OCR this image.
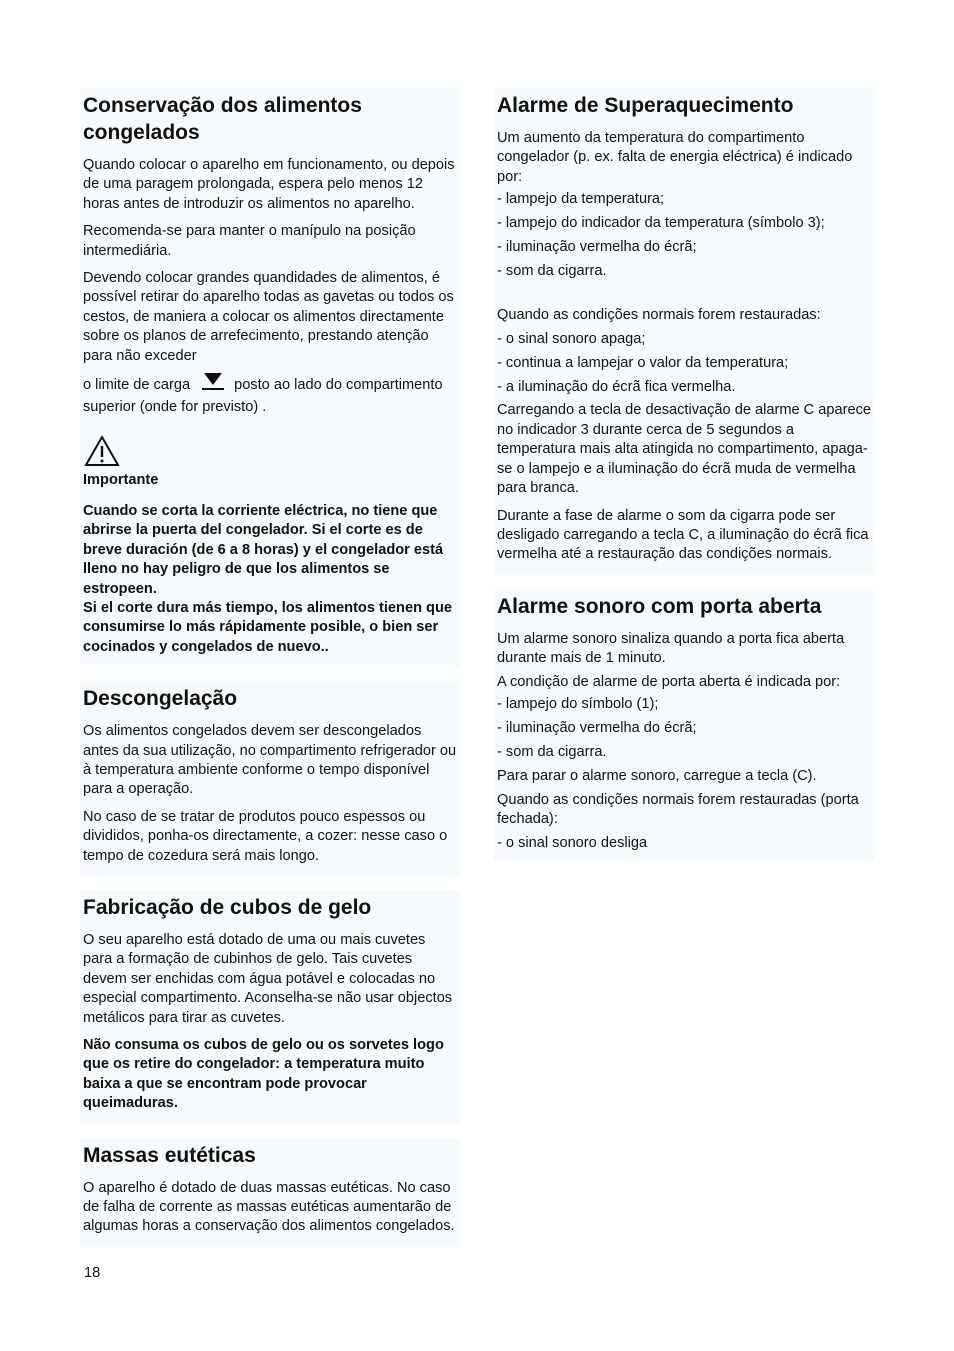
Conservação dos alimentos congelados

Quando colocar o aparelho em funcionamento, ou depois de uma paragem prolongada, espera pelo menos 12 horas antes de introduzir os alimentos no aparelho.

Recomenda-se para manter o manípulo na posição intermediária.

Devendo colocar grandes quandidades de alimentos, é possível retirar do aparelho todas as gavetas ou todos os cestos, de maniera a colocar os alimentos directamente sobre os planos de arrefecimento, prestando atenção para não exceder

o limite de carga	posto ao lado do compartimento superior (onde for previsto) .

Importante

Cuando se corta la corriente eléctrica, no tiene que abrirse la puerta del congelador. Si el corte es de breve duración (de 6 a 8 horas) y el congelador está lleno no hay peligro de que los alimentos se estropeen.

Si el corte dura más tiempo, los alimentos tienen que consumirse lo más rápidamente posible, o bien ser cocinados y congelados de nuevo..

Descongelação

Os alimentos congelados devem ser descongelados antes da sua utilização, no compartimento refrigerador ou à temperatura ambiente conforme o tempo disponível para a operação.

No caso de se tratar de produtos pouco espessos ou divididos, ponha-os directamente, a cozer: nesse caso o tempo de cozedura será mais longo.

Fabricação de cubos de gelo

O seu aparelho está dotado de uma ou mais cuvetes para a formação de cubinhos de gelo. Tais cuvetes devem ser enchidas com água potável e colocadas no especial compartimento. Aconselha-se não usar objectos metálicos para tirar as cuvetes.

Não consuma os cubos de gelo ou os sorvetes logo que os retire do congelador: a temperatura muito baixa a que se encontram pode provocar queimaduras.

Massas eutéticas

O aparelho é dotado de duas massas eutéticas. No caso de falha de corrente as massas eutéticas aumentarão de algumas horas a conservação dos alimentos congelados.

Alarme de Superaquecimento

Um aumento da temperatura do compartimento congelador (p. ex. falta de energia eléctrica) é indicado por:

- lampejo da temperatura;

- lampejo do indicador da temperatura (símbolo 3);

- iluminação vermelha do écrã;

- som da cigarra.

Quando as condições normais forem restauradas:

- o sinal sonoro apaga;

- continua a lampejar o valor da temperatura;

- a iluminação do écrã fica vermelha.

Carregando a tecla de desactivação de alarme C aparece no indicador 3 durante cerca de 5 segundos a temperatura mais alta atingida no compartimento, apaga-se o lampejo e a iluminação do écrã muda de vermelha para branca.

Durante a fase de alarme o som da cigarra pode ser desligado carregando a tecla C, a iluminação do écrã fica vermelha até a restauração das condições normais.

Alarme sonoro com porta aberta

Um alarme sonoro sinaliza quando a porta fica aberta durante mais de 1 minuto.

A condição de alarme de porta aberta é indicada por:

- lampejo do símbolo (1);

- iluminação vermelha do écrã;

- som da cigarra.

Para parar o alarme sonoro, carregue a tecla (C).

Quando as condições normais forem restauradas (porta fechada):

- o sinal sonoro desliga

18
